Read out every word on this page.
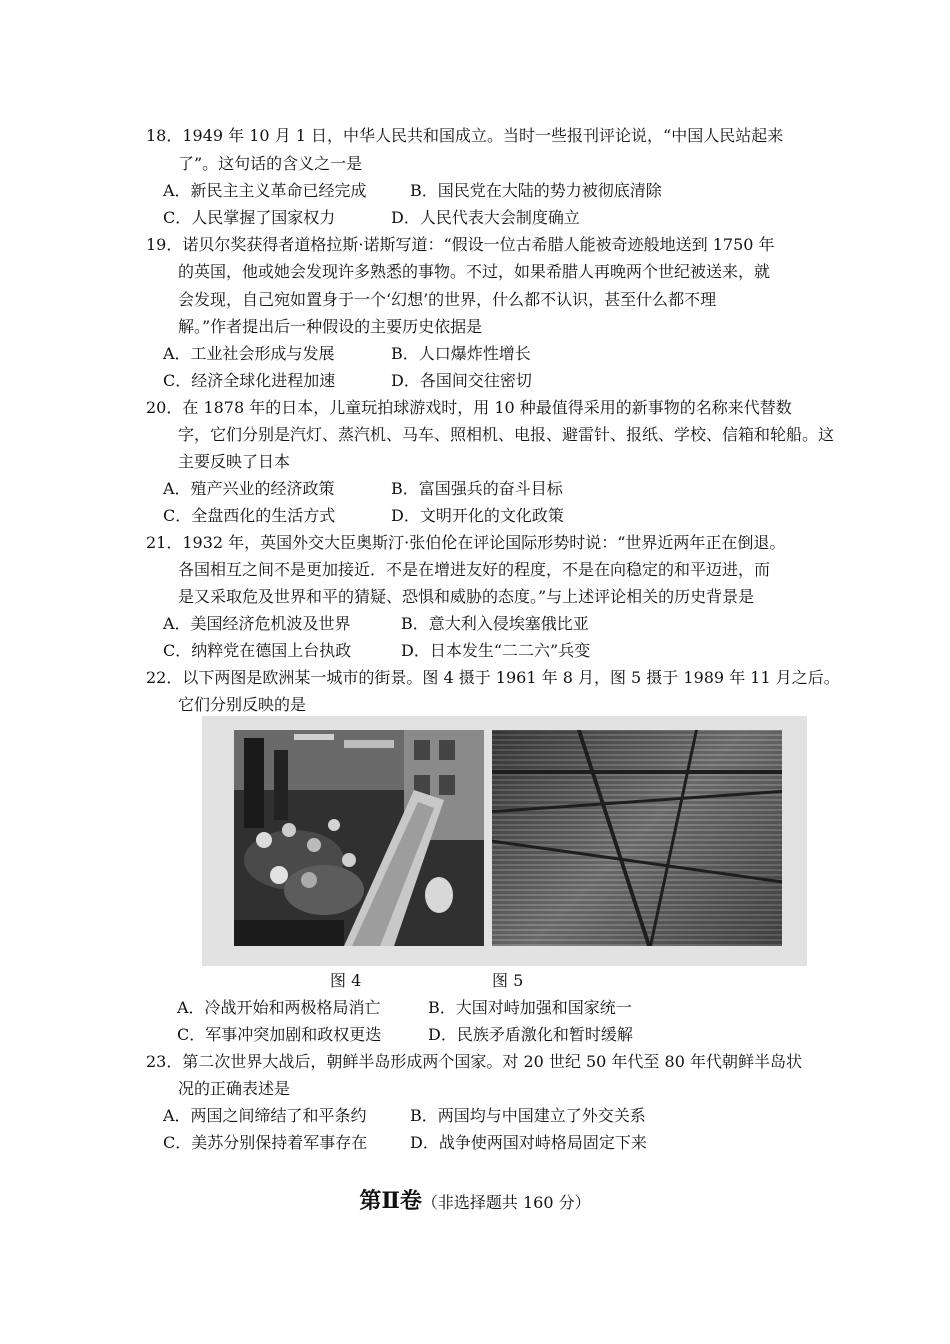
18．1949 年 10 月 1 日，中华人民共和国成立。当时一些报刊评论说，“中国人民站起来
了”。这句话的含义之一是
A．新民主主义革命已经完成	B．国民党在大陆的势力被彻底清除
C．人民掌握了国家权力	D．人民代表大会制度确立
19．诺贝尔奖获得者道格拉斯·诺斯写道：“假设一位古希腊人能被奇迹般地送到 1750 年
的英国，他或她会发现许多熟悉的事物。不过，如果希腊人再晚两个世纪被送来，就
会发现，自己宛如置身于一个‘幻想’的世界，什么都不认识，甚至什么都不理
解。”作者提出后一种假设的主要历史依据是
A．工业社会形成与发展	B．人口爆炸性增长
C．经济全球化进程加速	D．各国间交往密切
20．在 1878 年的日本，儿童玩拍球游戏时，用 10 种最值得采用的新事物的名称来代替数
字，它们分别是汽灯、蒸汽机、马车、照相机、电报、避雷针、报纸、学校、信箱和轮船。这
主要反映了日本
A．殖产兴业的经济政策	B．富国强兵的奋斗目标
C．全盘西化的生活方式	D．文明开化的文化政策
21．1932 年，英国外交大臣奥斯汀·张伯伦在评论国际形势时说：“世界近两年正在倒退。
各国相互之间不是更加接近．不是在增进友好的程度，不是在向稳定的和平迈进，而
是又采取危及世界和平的猜疑、恐惧和威胁的态度。”与上述评论相关的历史背景是
A．美国经济危机波及世界	B．意大利入侵埃塞俄比亚
C．纳粹党在德国上台执政	D．日本发生“二二六”兵变
22．以下两图是欧洲某一城市的街景。图 4 摄于 1961 年 8 月，图 5 摄于 1989 年 11 月之后。
它们分别反映的是
图 4	图 5
A．冷战开始和两极格局消亡	B．大国对峙加强和国家统一
C．军事冲突加剧和政权更迭	D．民族矛盾激化和暂时缓解
23．第二次世界大战后，朝鲜半岛形成两个国家。对 20 世纪 50 年代至 80 年代朝鲜半岛状
况的正确表述是
A．两国之间缔结了和平条约	B．两国均与中国建立了外交关系
C．美苏分别保持着军事存在	D．战争使两国对峙格局固定下来
第Ⅱ卷（非选择题共 160 分）
